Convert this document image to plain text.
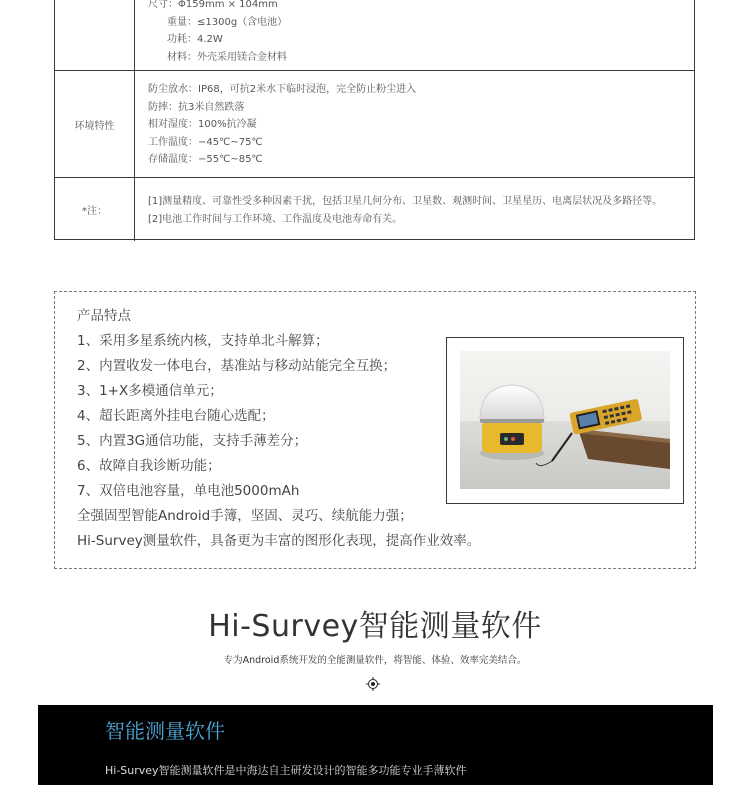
尺寸：Φ159mm × 104mm
重量：≤1300g（含电池）
功耗：4.2W
材料：外壳采用镁合金材料
环境特性
防尘放水：IP68，可抗2米水下临时浸泡，完全防止粉尘进入
防摔：抗3米自然跌落
相对湿度：100%抗冷凝
工作温度：−45℃~75℃
存储温度：−55℃~85℃
*注：
[1]测量精度、可靠性受多种因素干扰，包括卫星几何分布、卫星数、观测时间、卫星星历、电离层状况及多路径等。
[2]电池工作时间与工作环境、工作温度及电池寿命有关。
产品特点
1、采用多星系统内核，支持单北斗解算；
2、内置收发一体电台，基准站与移动站能完全互换；
3、1+X多模通信单元；
4、超长距离外挂电台随心选配；
5、内置3G通信功能，支持手薄差分；
6、故障自我诊断功能；
7、双倍电池容量，单电池5000mAh
全强固型智能Android手簿，坚固、灵巧、续航能力强；
Hi-Survey测量软件，具备更为丰富的图形化表现，提高作业效率。
Hi-Survey智能测量软件
专为Android系统开发的全能测量软件，将智能、体验、效率完美结合。
智能测量软件
Hi-Survey智能测量软件是中海达自主研发设计的智能多功能专业手薄软件
